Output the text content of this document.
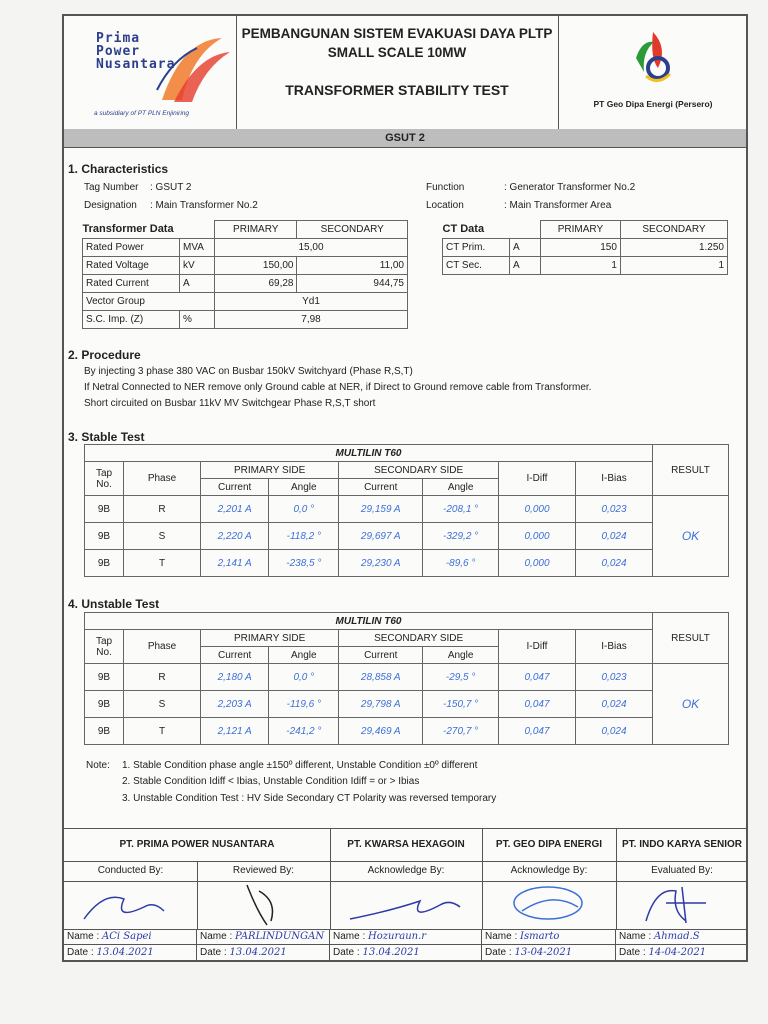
Prima
Power
Nusantara
a subsidiary of PT PLN Enjiniring
PEMBANGUNAN SISTEM EVAKUASI DAYA PLTP
SMALL SCALE 10MW
TRANSFORMER STABILITY TEST
PT Geo Dipa Energi (Persero)
GSUT 2
1. Characteristics
Tag Number : GSUT 2
Designation : Main Transformer No.2
Function	: Generator Transformer No.2
Location	: Main Transformer Area
Transformer Data		PRIMARY	SECONDARY
Rated Power	MVA	15,00	
Rated Voltage	kV	150,00	11,00
Rated Current	A	69,28	944,75
Vector Group		Yd1	
S.C. Imp. (Z)	%	7,98	
CT Data		PRIMARY	SECONDARY
CT Prim.	A	150	1.250
CT Sec.	A	1	1
2. Procedure
By injecting 3 phase 380 VAC on Busbar 150kV Switchyard (Phase R,S,T)
If Netral Connected to NER remove only Ground cable at NER, if Direct to Ground remove cable from Transformer.
Short circuited on Busbar 11kV MV Switchgear Phase R,S,T short
3. Stable Test
MULTILIN T60								RESULT
Tap
No.	Phase	PRIMARY SIDE		SECONDARY SIDE		I-Diff	I-Bias	
		Current	Angle	Current	Angle			
9B	R	2,201 A	0,0 °	29,159 A	-208,1 °	0,000	0,023	OK
9B	S	2,220 A	-118,2 °	29,697 A	-329,2 °	0,000	0,024	
9B	T	2,141 A	-238,5 °	29,230 A	-89,6 °	0,000	0,024	
4. Unstable Test
MULTILIN T60								RESULT
Tap
No.	Phase	PRIMARY SIDE		SECONDARY SIDE		I-Diff	I-Bias	
		Current	Angle	Current	Angle			
9B	R	2,180 A	0,0 °	28,858 A	-29,5 °	0,047	0,023	OK
9B	S	2,203 A	-119,6 °	29,798 A	-150,7 °	0,047	0,024	
9B	T	2,121 A	-241,2 °	29,469 A	-270,7 °	0,047	0,024	
Note: 1. Stable Condition phase angle ±150º different, Unstable Condition ±0º different
2. Stable Condition Idiff < Ibias, Unstable Condition Idiff = or > Ibias
3. Unstable Condition Test : HV Side Secondary CT Polarity was reversed temporary
PT. PRIMA POWER NUSANTARA	PT. KWARSA HEXAGOIN	PT. GEO DIPA ENERGI	PT. INDO KARYA SENIOR
Conducted By:	Reviewed By:	Acknowledge By:	Acknowledge By:	Evaluated By:
Name : ACi Sapei	Name : PARLINDUNGAN Name : Hozuraun.r	Name : Ismarto	Name : Ahmad.S
Date : 13.04.2021	Date : 13.04.2021	Date : 13.04.2021	Date : 13-04-2021	Date : 14-04-2021
